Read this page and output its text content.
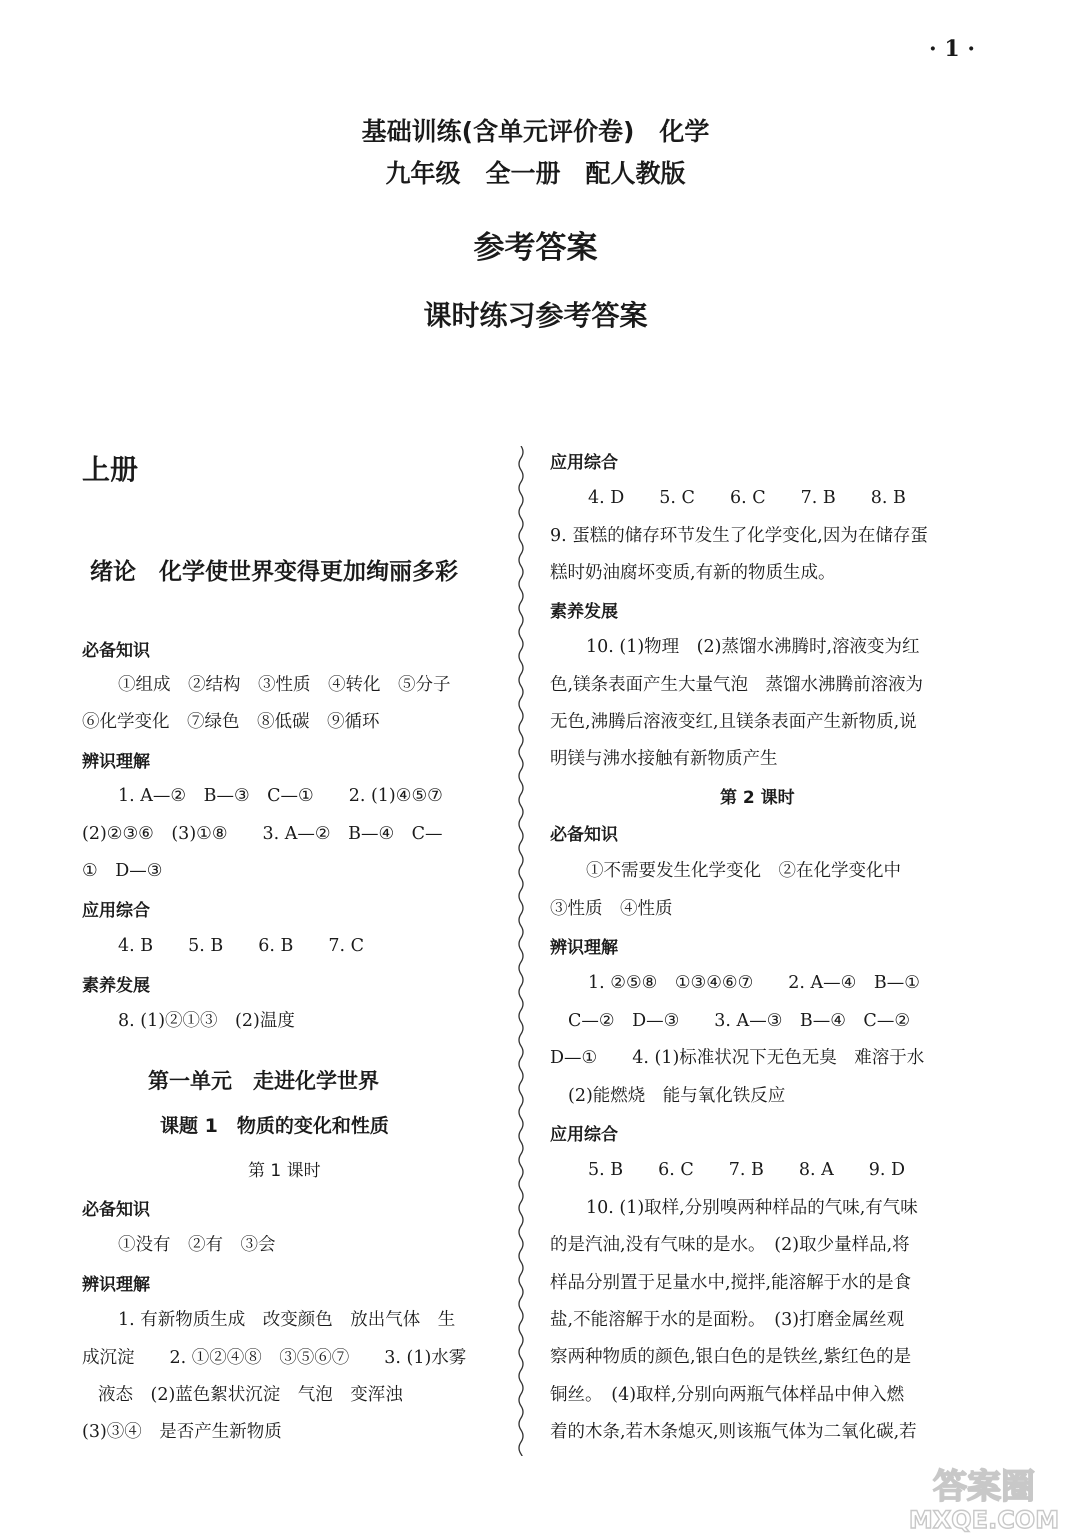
· 1 ·
基础训练(含单元评价卷)　化学
九年级　全一册　配人教版
参考答案
课时练习参考答案
上册
绪论　化学使世界变得更加绚丽多彩
必备知识
①组成　②结构　③性质　④转化　⑤分子
⑥化学变化　⑦绿色　⑧低碳　⑨循环
辨识理解
1. A—②　B—③　C—①　　2. (1)④⑤⑦
(2)②③⑥　(3)①⑧　　3. A—②　B—④　C—
①　D—③
应用综合
4. B　　5. B　　6. B　　7. C
素养发展
8. (1)②①③　(2)温度
第一单元　走进化学世界
课题 1　物质的变化和性质
第 1 课时
必备知识
①没有　②有　③会
辨识理解
1. 有新物质生成　改变颜色　放出气体　生
成沉淀　　2. ①②④⑧　③⑤⑥⑦　　3. (1)水雾
液态　(2)蓝色絮状沉淀　气泡　变浑浊
(3)③④　是否产生新物质
应用综合
4. D　　5. C　　6. C　　7. B　　8. B
9. 蛋糕的储存环节发生了化学变化,因为在储存蛋
糕时奶油腐坏变质,有新的物质生成。
素养发展
10. (1)物理　(2)蒸馏水沸腾时,溶液变为红
色,镁条表面产生大量气泡　蒸馏水沸腾前溶液为
无色,沸腾后溶液变红,且镁条表面产生新物质,说
明镁与沸水接触有新物质产生
第 2 课时
必备知识
①不需要发生化学变化　②在化学变化中
③性质　④性质
辨识理解
1. ②⑤⑧　①③④⑥⑦　　2. A—④　B—①
C—②　D—③　　3. A—③　B—④　C—②
D—①　　4. (1)标准状况下无色无臭　难溶于水
(2)能燃烧　能与氧化铁反应
应用综合
5. B　　6. C　　7. B　　8. A　　9. D
10. (1)取样,分别嗅两种样品的气味,有气味
的是汽油,没有气味的是水。　(2)取少量样品,将
样品分别置于足量水中,搅拌,能溶解于水的是食
盐,不能溶解于水的是面粉。　(3)打磨金属丝观
察两种物质的颜色,银白色的是铁丝,紫红色的是
铜丝。　(4)取样,分别向两瓶气体样品中伸入燃
着的木条,若木条熄灭,则该瓶气体为二氧化碳,若
答案圈
MXQE.COM
